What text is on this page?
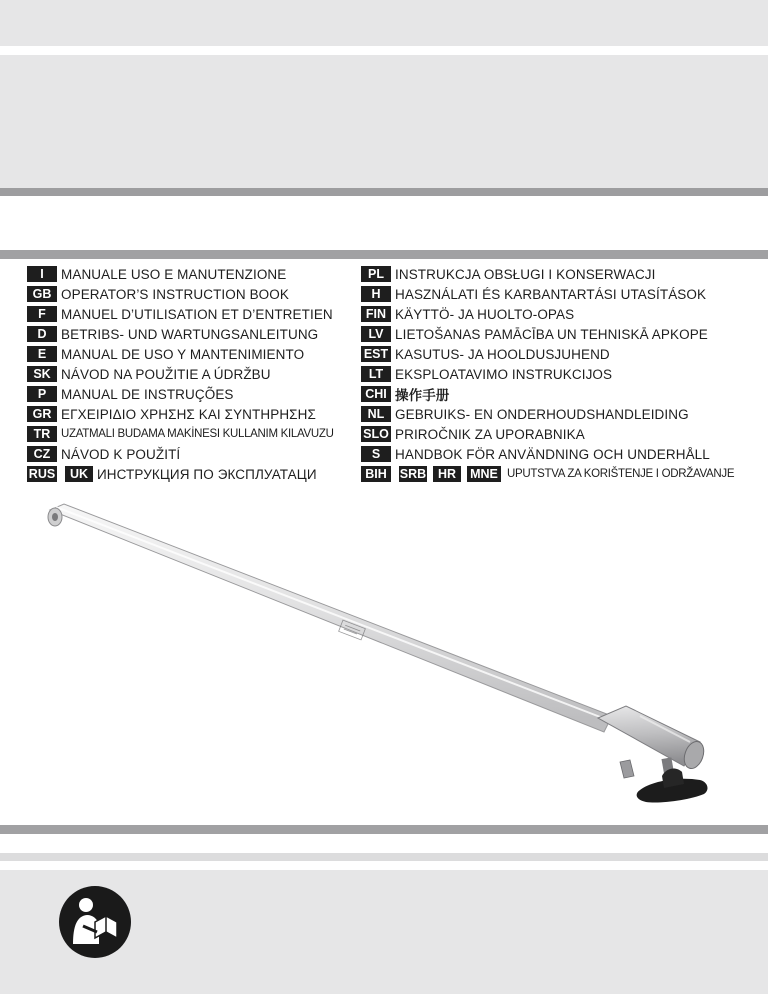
I	MANUALE USO E MANUTENZIONE
GB OPERATOR’S INSTRUCTION BOOK
F	MANUEL D’UTILISATION ET D’ENTRETIEN
D	BETRIBS- UND WARTUNGSANLEITUNG
E	MANUAL DE USO Y MANTENIMIENTO
SK NÁVOD NA POUŽITIE A ÚDRŽBU
P	MANUAL DE INSTRUÇÕES
GR ΕΓΧΕΙΡΙΔΙΟ ΧΡΗΣΗΣ ΚΑΙ ΣΥΝΤΗΡΗΣΗΣ
TR UZATMALI BUDAMA MAKİNESI KULLANIM KILAVUZU
CZ NÁVOD K POUŽITÍ
RUS	UK ИНСТРУКЦИЯ ПО ЭКСПЛУАТАЦИ
PL INSTRUKCJA OBSŁUGI I KONSERWACJI
H	HASZNÁLATI ÉS KARBANTARTÁSI UTASÍTÁSOK
FIN KÄYTTÖ- JA HUOLTO-OPAS
LV LIETOŠANAS PAMĀCĪBA UN TEHNISKĀ APKOPE
EST KASUTUS- JA HOOLDUSJUHEND
LT EKSPLOATAVIMO INSTRUKCIJOS
CHI 操作手册
NL GEBRUIKS- EN ONDERHOUDSHANDLEIDING
SLO PRIROČNIK ZA UPORABNIKA
S	HANDBOK FÖR ANVÄNDNING OCH UNDERHÅLL
BIH	SRB HR	MNE UPUTSTVA ZA KORIŠTENJE I ODRŽAVANJE
